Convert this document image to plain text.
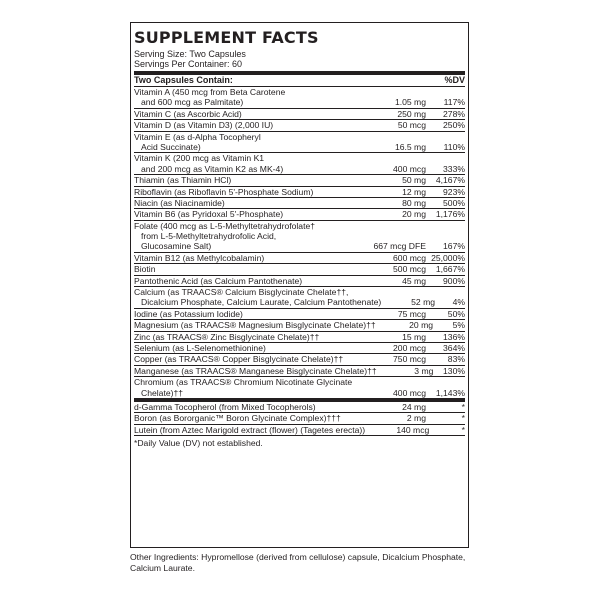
SUPPLEMENT FACTS
Serving Size: Two Capsules
Servings Per Container: 60
Two Capsules Contain:	%DV
Vitamin A (450 mcg from Beta Carotene
and 600 mcg as Palmitate)	1.05 mg	117%
Vitamin C (as Ascorbic Acid)	250 mg	278%
Vitamin D (as Vitamin D3) (2,000 IU)	50 mcg	250%
Vitamin E (as d-Alpha Tocopheryl
Acid Succinate)	16.5 mg	110%
Vitamin K (200 mcg as Vitamin K1
and 200 mcg as Vitamin K2 as MK-4)	400 mcg	333%
Thiamin (as Thiamin HCl)	50 mg	4,167%
Riboflavin (as Riboflavin 5'-Phosphate Sodium)	12 mg	923%
Niacin (as Niacinamide)	80 mg	500%
Vitamin B6 (as Pyridoxal 5'-Phosphate)	20 mg	1,176%
Folate (400 mcg as L-5-Methyltetrahydrofolate†
from L-5-Methyltetrahydrofolic Acid,
Glucosamine Salt)	667 mcg DFE	167%
Vitamin B12 (as Methylcobalamin)	600 mcg 25,000%
Biotin	500 mcg	1,667%
Pantothenic Acid (as Calcium Pantothenate)	45 mg	900%
Calcium (as TRAACS® Calcium Bisglycinate Chelate††,
Dicalcium Phosphate, Calcium Laurate, Calcium Pantothenate)	52 mg	4%
Iodine (as Potassium Iodide)	75 mcg	50%
Magnesium (as TRAACS® Magnesium Bisglycinate Chelate)††	20 mg	5%
Zinc (as TRAACS® Zinc Bisglycinate Chelate)††	15 mg	136%
Selenium (as L-Selenomethionine)	200 mcg	364%
Copper (as TRAACS® Copper Bisglycinate Chelate)††	750 mcg	83%
Manganese (as TRAACS® Manganese Bisglycinate Chelate)††	3 mg	130%
Chromium (as TRAACS® Chromium Nicotinate Glycinate
Chelate)††	400 mcg	1,143%
d-Gamma Tocopherol (from Mixed Tocopherols)	24 mg	*
Boron (as Bororganic™ Boron Glycinate Complex)†††	2 mg	*
Lutein (from Aztec Marigold extract (flower) (Tagetes erecta))	140 mcg	*
*Daily Value (DV) not established.
Other Ingredients: Hypromellose (derived from cellulose) capsule, Dicalcium Phosphate, Calcium Laurate.
